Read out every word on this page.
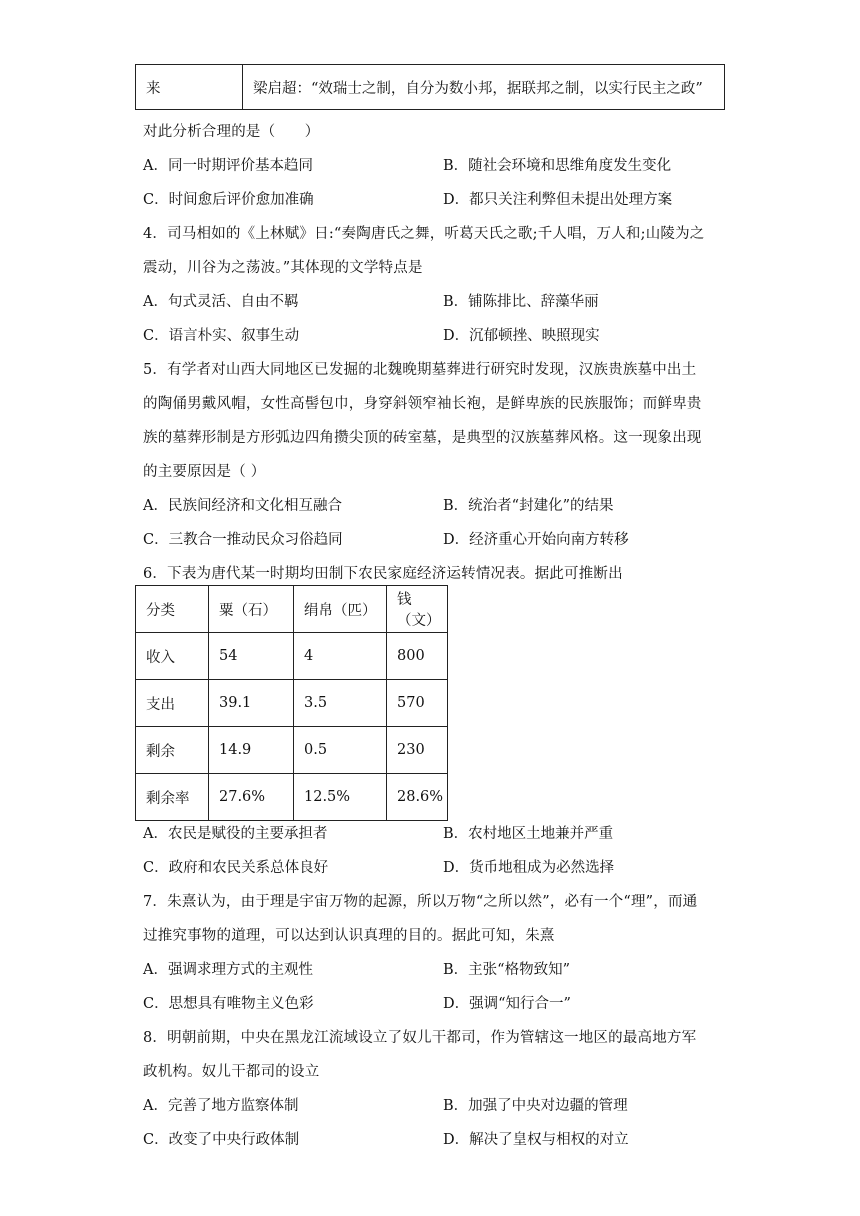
来	梁启超：“效瑞士之制，自分为数小邦，据联邦之制，以实行民主之政”
对此分析合理的是（　　）
A．同一时期评价基本趋同	B．随社会环境和思维角度发生变化
C．时间愈后评价愈加准确	D．都只关注利弊但未提出处理方案
4．司马相如的《上林赋》日:“奏陶唐氏之舞，听葛天氏之歌;千人唱，万人和;山陵为之
震动，川谷为之荡波。”其体现的文学特点是
A．句式灵活、自由不羁	B．铺陈排比、辞藻华丽
C．语言朴实、叙事生动	D．沉郁顿挫、映照现实
5．有学者对山西大同地区已发掘的北魏晚期墓葬进行研究时发现，汉族贵族墓中出土
的陶俑男戴风帽，女性高髻包巾，身穿斜领窄袖长袍，是鲜卑族的民族服饰；而鲜卑贵
族的墓葬形制是方形弧边四角攒尖顶的砖室墓，是典型的汉族墓葬风格。这一现象出现
的主要原因是（ ）
A．民族间经济和文化相互融合	B．统治者“封建化”的结果
C．三教合一推动民众习俗趋同	D．经济重心开始向南方转移
6．下表为唐代某一时期均田制下农民家庭经济运转情况表。据此可推断出
分类	粟（石）	绢帛（匹）	钱（文）
收入	54	4	800
支出	39.1	3.5	570
剩余	14.9	0.5	230
剩余率	27.6%	12.5%	28.6%
A．农民是赋役的主要承担者	B．农村地区土地兼并严重
C．政府和农民关系总体良好	D．货币地租成为必然选择
7．朱熹认为，由于理是宇宙万物的起源，所以万物“之所以然”，必有一个“理”，而通
过推究事物的道理，可以达到认识真理的目的。据此可知，朱熹
A．强调求理方式的主观性	B．主张“格物致知”
C．思想具有唯物主义色彩	D．强调“知行合一”
8．明朝前期，中央在黑龙江流域设立了奴儿干都司，作为管辖这一地区的最高地方军
政机构。奴儿干都司的设立
A．完善了地方监察体制	B．加强了中央对边疆的管理
C．改变了中央行政体制	D．解决了皇权与相权的对立
